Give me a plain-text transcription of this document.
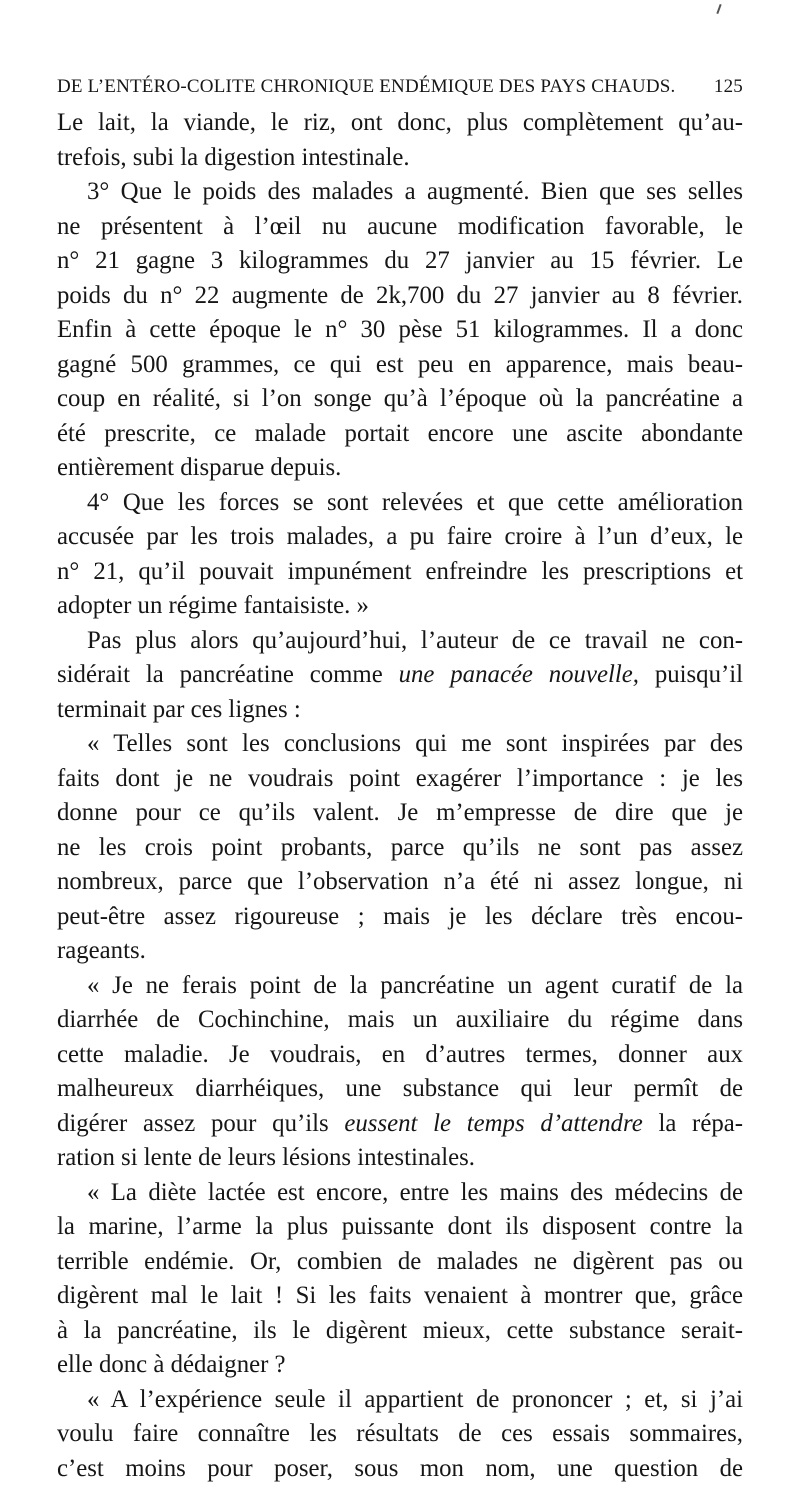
DE L’ENTÉRO-COLITE CHRONIQUE ENDÉMIQUE DES PAYS CHAUDS. 125
Le lait, la viande, le riz, ont donc, plus complètement qu’au-
trefois, subi la digestion intestinale.
3° Que le poids des malades a augmenté. Bien que ses selles
ne présentent à l’œil nu aucune modification favorable, le
n° 21 gagne 3 kilogrammes du 27 janvier au 15 février. Le
poids du n° 22 augmente de 2k,700 du 27 janvier au 8 février.
Enfin à cette époque le n° 30 pèse 51 kilogrammes. Il a donc
gagné 500 grammes, ce qui est peu en apparence, mais beau-
coup en réalité, si l’on songe qu’à l’époque où la pancréatine a
été prescrite, ce malade portait encore une ascite abondante
entièrement disparue depuis.
4° Que les forces se sont relevées et que cette amélioration
accusée par les trois malades, a pu faire croire à l’un d’eux, le
n° 21, qu’il pouvait impunément enfreindre les prescriptions et
adopter un régime fantaisiste. »
Pas plus alors qu’aujourd’hui, l’auteur de ce travail ne con-
sidérait la pancréatine comme une panacée nouvelle, puisqu’il
terminait par ces lignes :
« Telles sont les conclusions qui me sont inspirées par des
faits dont je ne voudrais point exagérer l’importance : je les
donne pour ce qu’ils valent. Je m’empresse de dire que je
ne les crois point probants, parce qu’ils ne sont pas assez
nombreux, parce que l’observation n’a été ni assez longue, ni
peut-être assez rigoureuse ; mais je les déclare très encou-
rageants.
« Je ne ferais point de la pancréatine un agent curatif de la
diarrhée de Cochinchine, mais un auxiliaire du régime dans
cette maladie. Je voudrais, en d’autres termes, donner aux
malheureux diarrhéiques, une substance qui leur permît de
digérer assez pour qu’ils eussent le temps d’attendre la répa-
ration si lente de leurs lésions intestinales.
« La diète lactée est encore, entre les mains des médecins de
la marine, l’arme la plus puissante dont ils disposent contre la
terrible endémie. Or, combien de malades ne digèrent pas ou
digèrent mal le lait ! Si les faits venaient à montrer que, grâce
à la pancréatine, ils le digèrent mieux, cette substance serait-
elle donc à dédaigner ?
« A l’expérience seule il appartient de prononcer ; et, si j’ai
voulu faire connaître les résultats de ces essais sommaires,
c’est moins pour poser, sous mon nom, une question de
